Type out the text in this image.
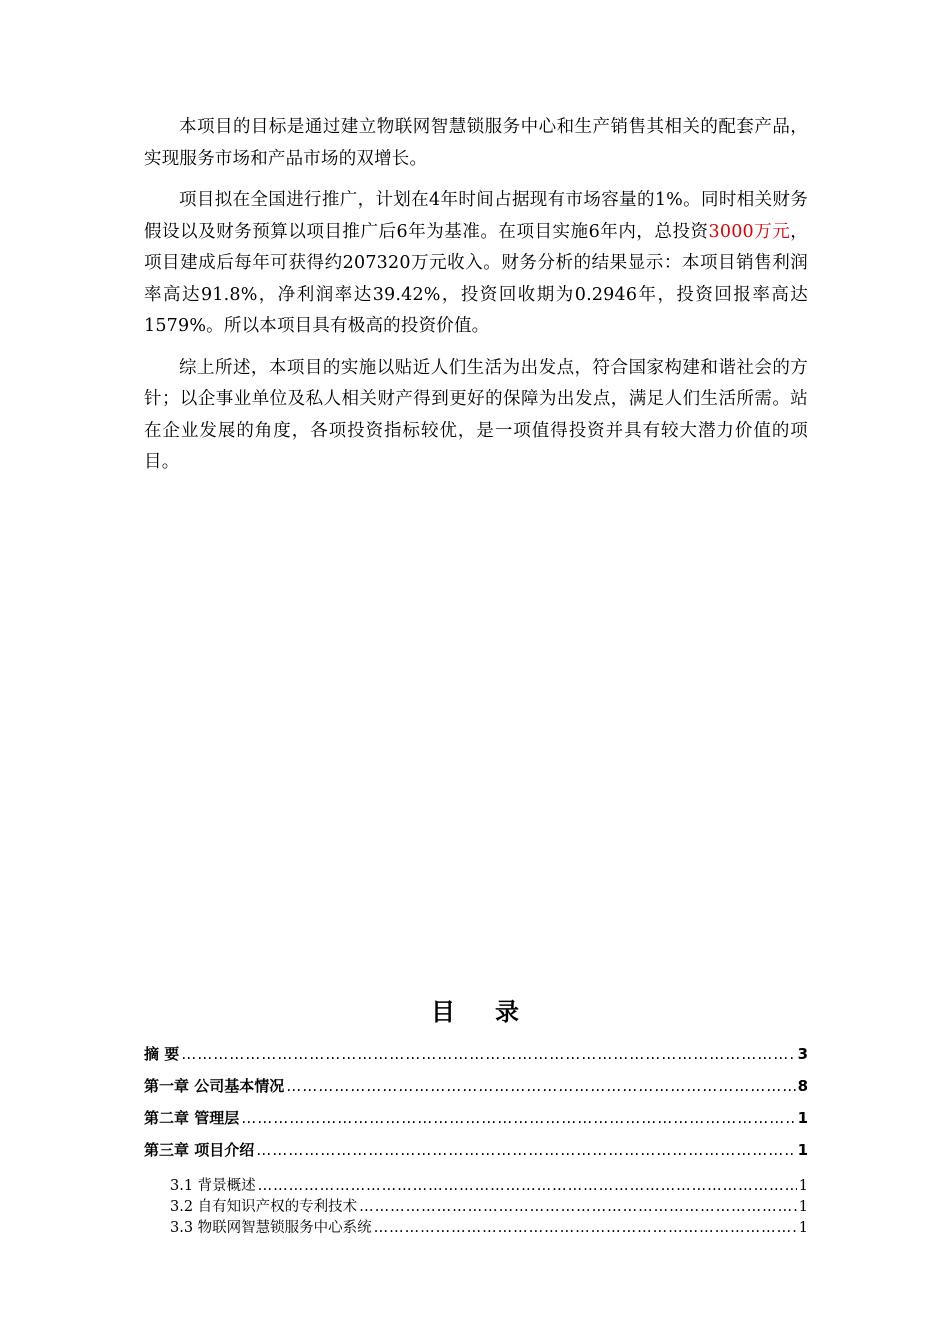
本项目的目标是通过建立物联网智慧锁服务中心和生产销售其相关的配套产品，实现服务市场和产品市场的双增长。

项目拟在全国进行推广，计划在4年时间占据现有市场容量的1%。同时相关财务假设以及财务预算以项目推广后6年为基准。在项目实施6年内，总投资3000万元，项目建成后每年可获得约207320万元收入。财务分析的结果显示：本项目销售利润率高达91.8%，净利润率达39.42%，投资回收期为0.2946年，投资回报率高达1579%。所以本项目具有极高的投资价值。

综上所述，本项目的实施以贴近人们生活为出发点，符合国家构建和谐社会的方针；以企事业单位及私人相关财产得到更好的保障为出发点，满足人们生活所需。站在企业发展的角度，各项投资指标较优，是一项值得投资并具有较大潜力价值的项目。

目录
摘 要 …………………………………………………………………………………………………………………………………………………………………………	3
第一章 公司基本情况 …………………………………………………………………………………………………………………………………………………………………………	8
第二章 管理层 …………………………………………………………………………………………………………………………………………………………………………	1
第三章 项目介绍 …………………………………………………………………………………………………………………………………………………………………………	1
3.1 背景概述 …………………………………………………………………………………………………………………………………………………………………………	1
3.2 自有知识产权的专利技术 …………………………………………………………………………………………………………………………………………………………………………	1
3.3 物联网智慧锁服务中心系统 …………………………………………………………………………………………………………………………………………………………………………	1
